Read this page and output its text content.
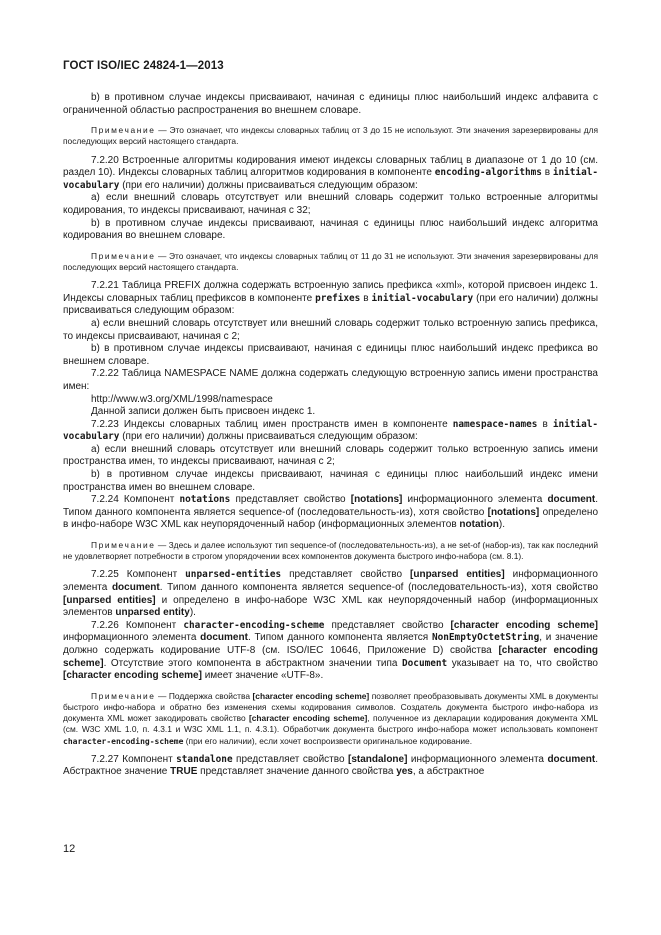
ГОСТ ISO/IEC 24824-1—2013

b) в противном случае индексы присваивают, начиная с единицы плюс наибольший индекс алфавита с ограниченной областью распространения во внешнем словаре.

Примечание — Это означает, что индексы словарных таблиц от 3 до 15 не используют. Эти значения зарезервированы для последующих версий настоящего стандарта.

7.2.20 Встроенные алгоритмы кодирования имеют индексы словарных таблиц в диапазоне от 1 до 10 (см. раздел 10). Индексы словарных таблиц алгоритмов кодирования в компоненте encoding-algorithms в initial-vocabulary (при его наличии) должны присваиваться следующим образом:

а) если внешний словарь отсутствует или внешний словарь содержит только встроенные алгоритмы кодирования, то индексы присваивают, начиная с 32;

b) в противном случае индексы присваивают, начиная с единицы плюс наибольший индекс алгоритма кодирования во внешнем словаре.

Примечание — Это означает, что индексы словарных таблиц от 11 до 31 не используют. Эти значения зарезервированы для последующих версий настоящего стандарта.

7.2.21 Таблица PREFIX должна содержать встроенную запись префикса «xml», которой присвоен индекс 1. Индексы словарных таблиц префиксов в компоненте prefixes в initial-vocabulary (при его наличии) должны присваиваться следующим образом:

а) если внешний словарь отсутствует или внешний словарь содержит только встроенную запись префикса, то индексы присваивают, начиная с 2;

b) в противном случае индексы присваивают, начиная с единицы плюс наибольший индекс префикса во внешнем словаре.

7.2.22 Таблица NAMESPACE NAME должна содержать следующую встроенную запись имени пространства имен:

http://www.w3.org/XML/1998/namespace

Данной записи должен быть присвоен индекс 1.

7.2.23 Индексы словарных таблиц имен пространств имен в компоненте namespace-names в initial-vocabulary (при его наличии) должны присваиваться следующим образом:

а) если внешний словарь отсутствует или внешний словарь содержит только встроенную запись имени пространства имен, то индексы присваивают, начиная с 2;

b) в противном случае индексы присваивают, начиная с единицы плюс наибольший индекс имени пространства имен во внешнем словаре.

7.2.24 Компонент notations представляет свойство [notations] информационного элемента document. Типом данного компонента является sequence-of (последовательность-из), хотя свойство [notations] определено в инфо-наборе W3C XML как неупорядоченный набор (информационных элементов notation).

Примечание — Здесь и далее используют тип sequence-of (последовательность-из), а не set-of (набор-из), так как последний не удовлетворяет потребности в строгом упорядочении всех компонентов документа быстрого инфо-набора (см. 8.1).

7.2.25 Компонент unparsed-entities представляет свойство [unparsed entities] информационного элемента document. Типом данного компонента является sequence-of (последовательность-из), хотя свойство [unparsed entities] и определено в инфо-наборе W3C XML как неупорядоченный набор (информационных элементов unparsed entity).

7.2.26 Компонент character-encoding-scheme представляет свойство [character encoding scheme] информационного элемента document. Типом данного компонента является NonEmptyOctetString, и значение должно содержать кодирование UTF-8 (см. ISO/IEC 10646, Приложение D) свойства [character encoding scheme]. Отсутствие этого компонента в абстрактном значении типа Document указывает на то, что свойство [character encoding scheme] имеет значение «UTF-8».

Примечание — Поддержка свойства [character encoding scheme] позволяет преобразовывать документы XML в документы быстрого инфо-набора и обратно без изменения схемы кодирования символов. Создатель документа быстрого инфо-набора из документа XML может закодировать свойство [character encoding scheme], полученное из декларации кодирования документа XML (см. W3C XML 1.0, п. 4.3.1 и W3C XML 1.1, п. 4.3.1). Обработчик документа быстрого инфо-набора может использовать компонент character-encoding-scheme (при его наличии), если хочет воспроизвести оригинальное кодирование.

7.2.27 Компонент standalone представляет свойство [standalone] информационного элемента document. Абстрактное значение TRUE представляет значение данного свойства yes, а абстрактное

12
